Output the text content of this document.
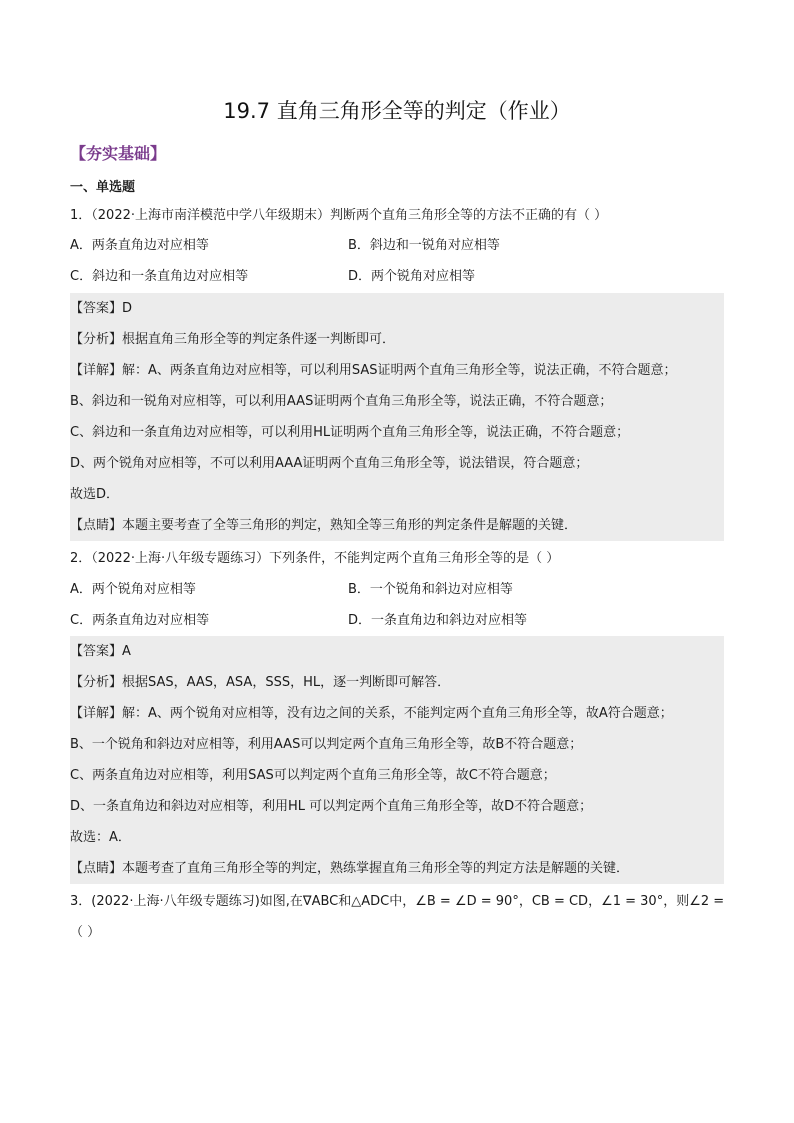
19.7 直角三角形全等的判定（作业）
【夯实基础】
一、单选题
1．（2022·上海市南洋模范中学八年级期末）判断两个直角三角形全等的方法不正确的有（ ）
A．两条直角边对应相等	B．斜边和一锐角对应相等
C．斜边和一条直角边对应相等	D．两个锐角对应相等
【答案】D
【分析】根据直角三角形全等的判定条件逐一判断即可．
【详解】解：A、两条直角边对应相等，可以利用SAS证明两个直角三角形全等，说法正确，不符合题意；
B、斜边和一锐角对应相等，可以利用AAS证明两个直角三角形全等，说法正确，不符合题意；
C、斜边和一条直角边对应相等，可以利用HL证明两个直角三角形全等，说法正确，不符合题意；
D、两个锐角对应相等，不可以利用AAA证明两个直角三角形全等，说法错误，符合题意；
故选D．
【点睛】本题主要考查了全等三角形的判定，熟知全等三角形的判定条件是解题的关键．
2．（2022·上海·八年级专题练习）下列条件，不能判定两个直角三角形全等的是（ ）
A．两个锐角对应相等	B．一个锐角和斜边对应相等
C．两条直角边对应相等	D．一条直角边和斜边对应相等
【答案】A
【分析】根据SAS，AAS，ASA，SSS，HL，逐一判断即可解答．
【详解】解：A、两个锐角对应相等，没有边之间的关系，不能判定两个直角三角形全等，故A符合题意；
B、一个锐角和斜边对应相等，利用AAS可以判定两个直角三角形全等，故B不符合题意；
C、两条直角边对应相等，利用SAS可以判定两个直角三角形全等，故C不符合题意；
D、一条直角边和斜边对应相等，利用HL 可以判定两个直角三角形全等，故D不符合题意；
故选：A．
【点睛】本题考查了直角三角形全等的判定，熟练掌握直角三角形全等的判定方法是解题的关键．
3．(2022·上海·八年级专题练习)如图,在∇ABC和△ADC中，∠B = ∠D = 90°，CB = CD，∠1 = 30°，则∠2 =
（ ）
